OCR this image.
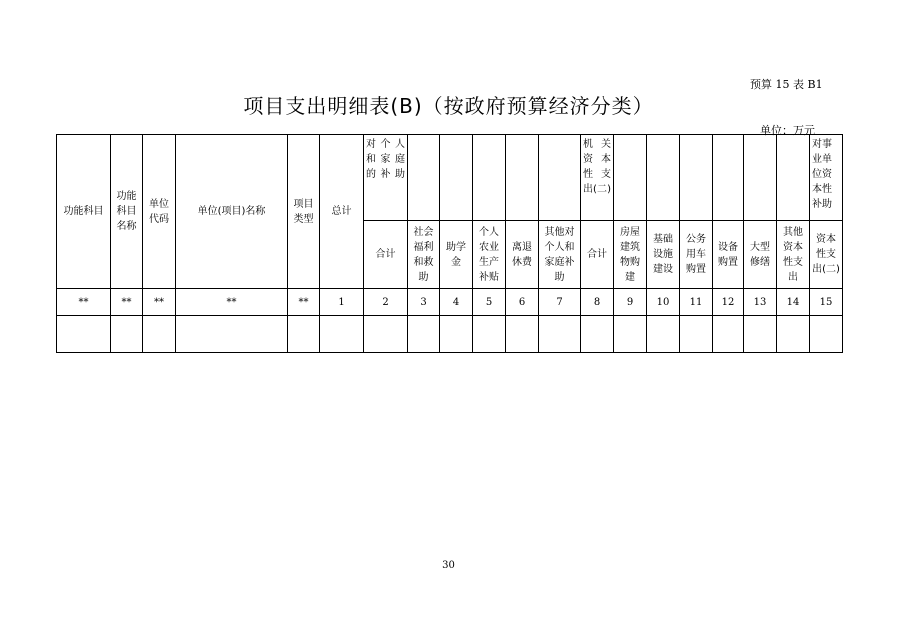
预算 15 表 B1
项目支出明细表(B)（按政府预算经济分类）
单位：万元
功能科目	功能科目名称	单位代码	单位(项目)名称	项目类型	总计	对个人和家庭的补助						机关资本性支出(二)							对事业单位资本性补助
						合计	社会福利和救助	助学金	个人农业生产补贴	离退休费	其他对个人和家庭补助	合计	房屋建筑物购建	基础设施建设	公务用车购置	设备购置	大型修缮	其他资本性支出	资本性支出(二)
**	**	**	**	**	1	2	3	4	5	6	7	8	9	10	11	12	13	14	15

30
